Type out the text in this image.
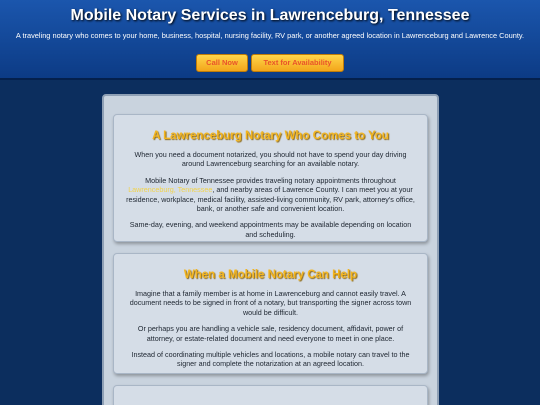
Mobile Notary Services in Lawrenceburg, Tennessee
A traveling notary who comes to your home, business, hospital, nursing facility, RV park, or another agreed location in Lawrenceburg and Lawrence County.
Call Now	Text for Availability
A Lawrenceburg Notary Who Comes to You

When you need a document notarized, you should not have to spend your day driving around Lawrenceburg searching for an available notary.

Mobile Notary of Tennessee provides traveling notary appointments throughout Lawrenceburg, Tennessee, and nearby areas of Lawrence County. I can meet you at your residence, workplace, medical facility, assisted-living community, RV park, attorney's office, bank, or another safe and convenient location.

Same-day, evening, and weekend appointments may be available depending on location and scheduling.

When a Mobile Notary Can Help

Imagine that a family member is at home in Lawrenceburg and cannot easily travel. A document needs to be signed in front of a notary, but transporting the signer across town would be difficult.

Or perhaps you are handling a vehicle sale, residency document, affidavit, power of attorney, or estate-related document and need everyone to meet in one place.

Instead of coordinating multiple vehicles and locations, a mobile notary can travel to the signer and complete the notarization at an agreed location.
